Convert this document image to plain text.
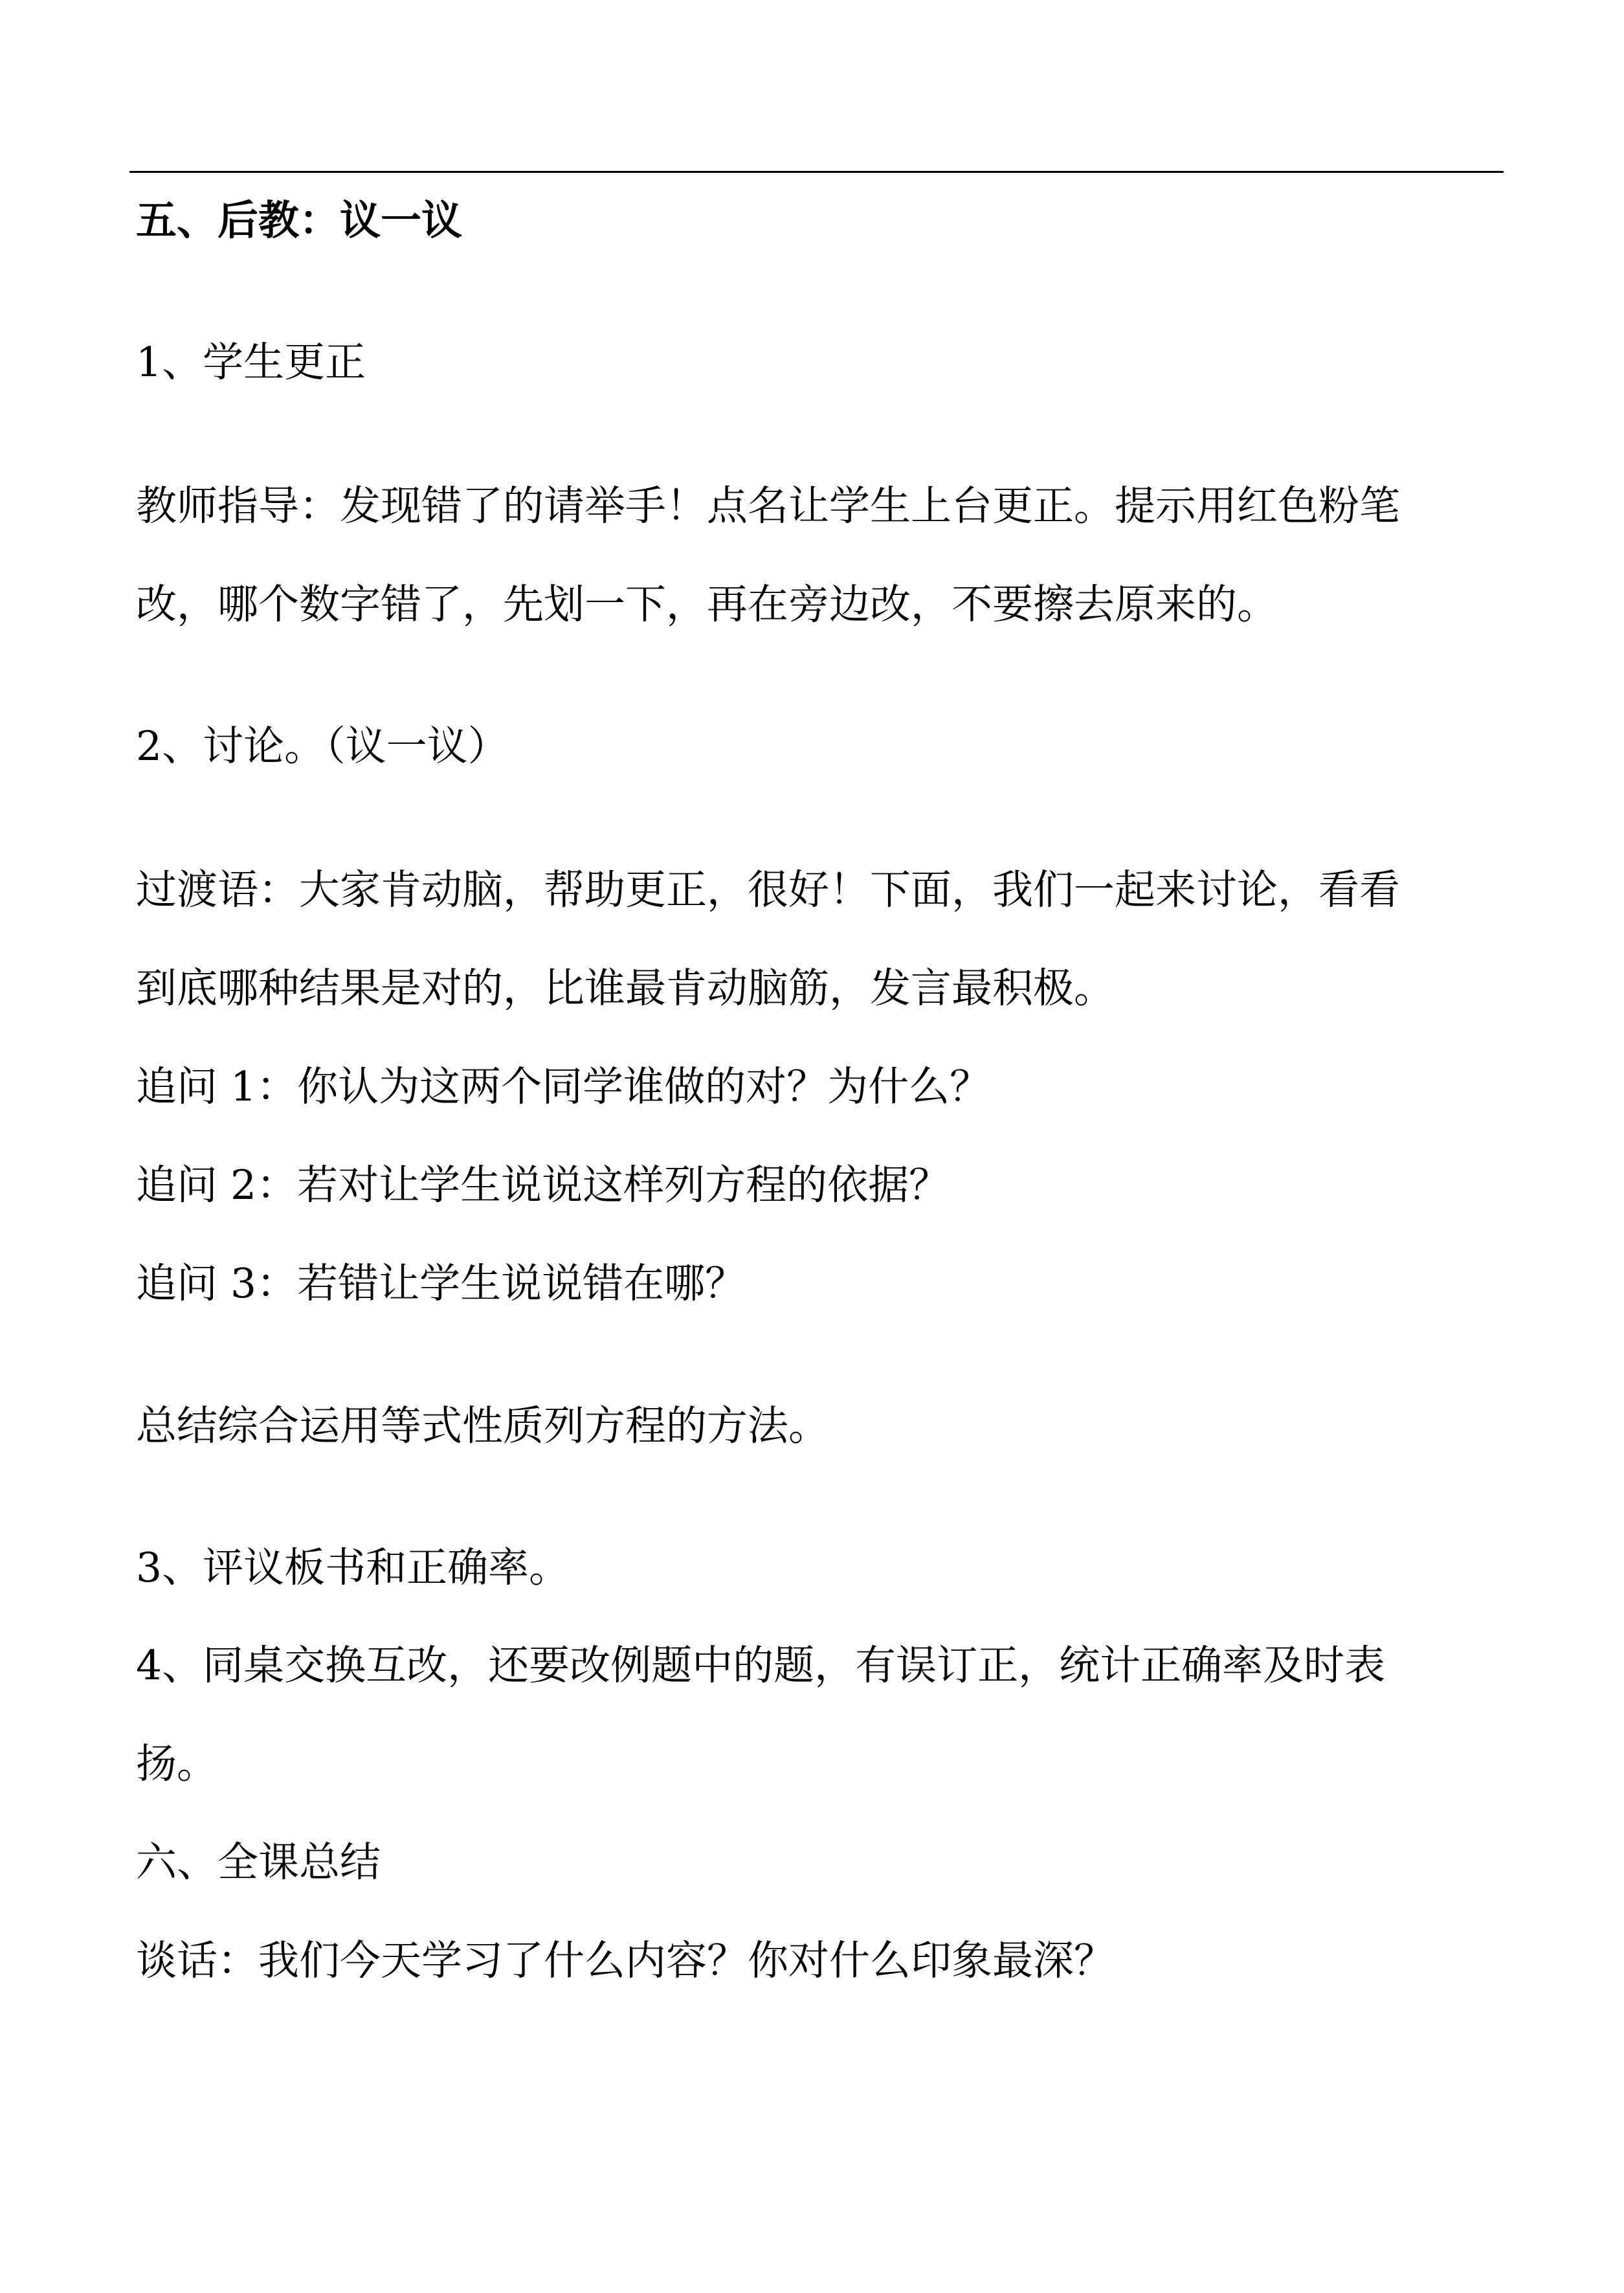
五、后教：议一议
1、学生更正
教师指导：发现错了的请举手！点名让学生上台更正。提示用红色粉笔
改，哪个数字错了，先划一下，再在旁边改，不要擦去原来的。
2、讨论。（议一议）
过渡语：大家肯动脑，帮助更正，很好！下面，我们一起来讨论，看看
到底哪种结果是对的，比谁最肯动脑筋，发言最积极。
追问 1：你认为这两个同学谁做的对？为什么？
追问 2：若对让学生说说这样列方程的依据？
追问 3：若错让学生说说错在哪？
总结综合运用等式性质列方程的方法。
3、评议板书和正确率。
4、同桌交换互改，还要改例题中的题，有误订正，统计正确率及时表
扬。
六、全课总结
谈话：我们今天学习了什么内容？你对什么印象最深？
